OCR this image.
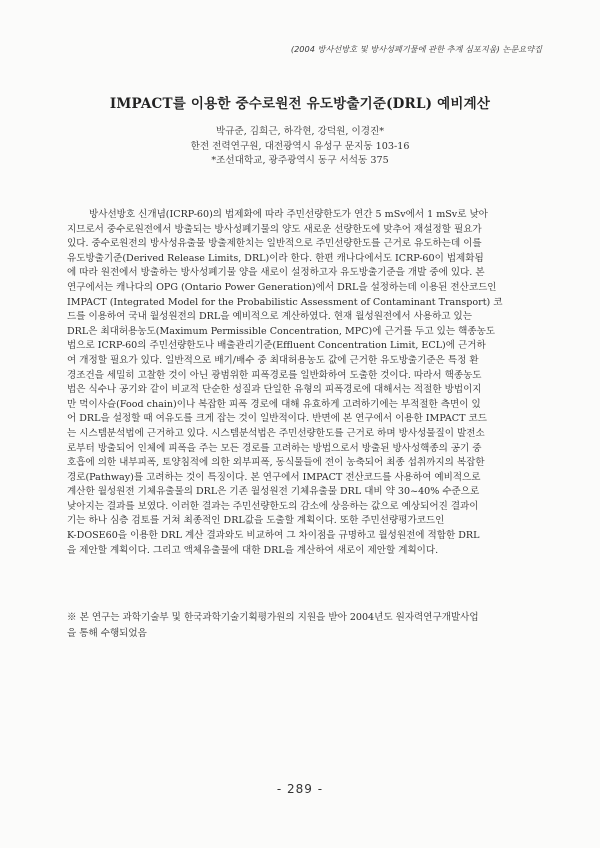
(2004 방사선방호 및 방사성폐기물에 관한 추계 심포지움) 논문요약집
IMPACT를 이용한 중수로원전 유도방출기준(DRL) 예비계산
박규준, 김희근, 하각현, 강덕원, 이경진*
한전 전력연구원, 대전광역시 유성구 문지동 103-16
*조선대학교, 광주광역시 동구 서석동 375
방사선방호 신개념(ICRP-60)의 법제화에 따라 주민선량한도가 연간 5 mSv에서 1 mSv로 낮아
지므로서 중수로원전에서 방출되는 방사성폐기물의 양도 새로운 선량한도에 맞추어 재설정할 필요가
있다. 중수로원전의 방사성유출물 방출제한치는 일반적으로 주민선량한도를 근거로 유도하는데 이를
유도방출기준(Derived Release Limits, DRL)이라 한다. 한편 캐나다에서도 ICRP-60이 법제화됨
에 따라 원전에서 방출하는 방사성폐기물 양을 새로이 설정하고자 유도방출기준을 개발 중에 있다. 본
연구에서는 캐나다의 OPG (Ontario Power Generation)에서 DRL을 설정하는데 이용된 전산코드인
IMPACT (Integrated Model for the Probabilistic Assessment of Contaminant Transport) 코
드를 이용하여 국내 월성원전의 DRL을 예비적으로 계산하였다. 현재 월성원전에서 사용하고 있는
DRL은 최대허용농도(Maximum Permissible Concentration, MPC)에 근거를 두고 있는 핵종농도
법으로 ICRP-60의 주민선량한도나 배출관리기준(Effluent Concentration Limit, ECL)에 근거하
여 개정할 필요가 있다. 일반적으로 배기/배수 중 최대허용농도 값에 근거한 유도방출기준은 특정 환
경조건을 세밀히 고찰한 것이 아닌 광범위한 피폭경로를 일반화하여 도출한 것이다. 따라서 핵종농도
법은 식수나 공기와 같이 비교적 단순한 성질과 단일한 유형의 피폭경로에 대해서는 적절한 방법이지
만 먹이사슬(Food chain)이나 복잡한 피폭 경로에 대해 유효하게 고려하기에는 부적절한 측면이 있
어 DRL을 설정할 때 여유도를 크게 잡는 것이 일반적이다. 반면에 본 연구에서 이용한 IMPACT 코드
는 시스템분석법에 근거하고 있다. 시스템분석법은 주민선량한도를 근거로 하며 방사성물질이 발전소
로부터 방출되어 인체에 피폭을 주는 모든 경로를 고려하는 방법으로서 방출된 방사성핵종의 공기 중
호흡에 의한 내부피폭, 토양침적에 의한 외부피폭, 동식물들에 전이 농축되어 최종 섭취까지의 복잡한
경로(Pathway)를 고려하는 것이 특징이다. 본 연구에서 IMPACT 전산코드를 사용하여 예비적으로
계산한 월성원전 기체유출물의 DRL은 기존 월성원전 기체유출물 DRL 대비 약 30~40% 수준으로
낮아지는 결과를 보였다. 이러한 결과는 주민선량한도의 감소에 상응하는 값으로 예상되어진 결과이
기는 하나 심층 검토를 거쳐 최종적인 DRL값을 도출할 계획이다. 또한 주민선량평가코드인
K-DOSE60을 이용한 DRL 계산 결과와도 비교하여 그 차이점을 규명하고 월성원전에 적합한 DRL
을 제안할 계획이다. 그리고 액체유출물에 대한 DRL을 계산하여 새로이 제안할 계획이다.
※ 본 연구는 과학기술부 및 한국과학기술기획평가원의 지원을 받아 2004년도 원자력연구개발사업
을 통해 수행되었음
- 289 -
